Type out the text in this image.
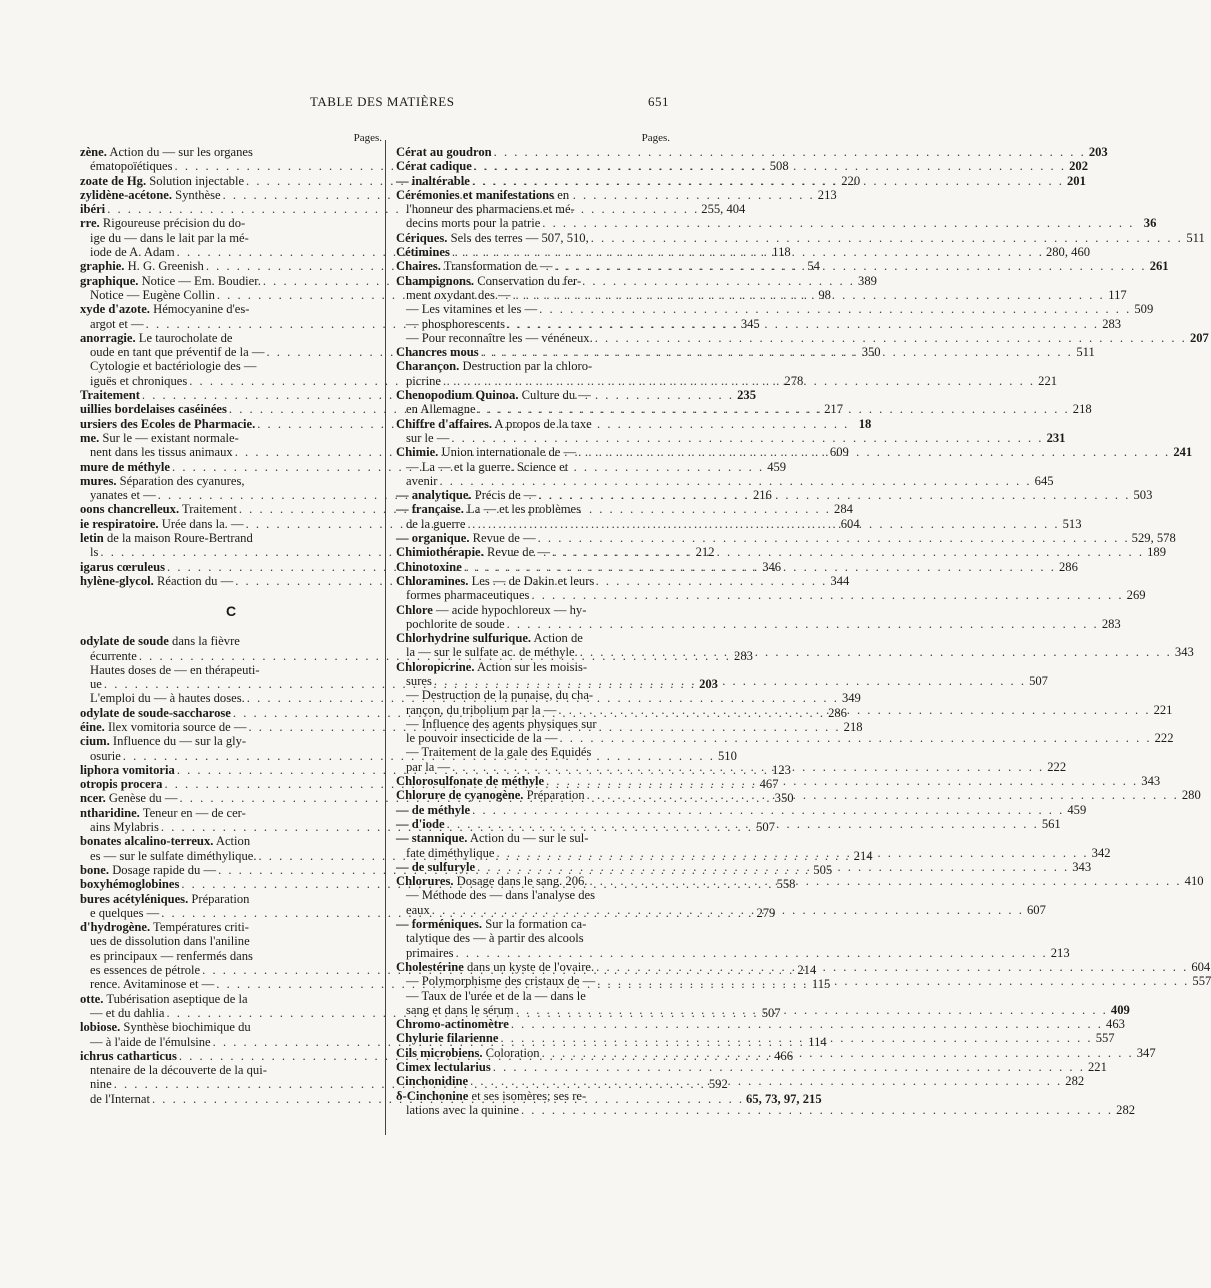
TABLE DES MATIÈRES	651
Pages.
zène. Action du — sur les organes
ématopoïétiques . . .	508
zoate de Hg. Solution injectable . . .	220
zylidène-acétone. Synthèse . . .	213
ibéri . . .	255, 404
rre. Rigoureuse précision du do-
ige du — dans le lait par la mé-
iode de A. Adam . . .	118
graphie. H. G. Greenish . . .	54
graphique. Notice — Em. Boudier. . . .	389
Notice — Eugène Collin . . .	98
xyde d'azote. Hémocyanine d'es-
argot et — . . .	345
anorragie. Le taurocholate de
oude en tant que préventif de la — . . .	350
Cytologie et bactériologie des —
iguës et chroniques . . .	278
Traitement . . .	235
uillies bordelaises caséinées . . .	217
ursiers des Ecoles de Pharmacie. . . .	18
me. Sur le — existant normale-
nent dans les tissus animaux . . .	609
mure de méthyle . . .	459
mures. Séparation des cyanures,
yanates et — . . .	216
oons chancrelleux. Traitement . . .	284
ie respiratoire. Urée dans la. — . . .	604
letin de la maison Roure-Bertrand
ls . . .	212
igarus cœruleus . . .	346
hylène-glycol. Réaction du — . . .	344
C
odylate de soude dans la fièvre
écurrente . . .	283
Hautes doses de — en thérapeuti-
ue . . .	203
L'emploi du — à hautes doses. . . .	349
odylate de soude-saccharose . . .	286
éine. Ilex vomitoria source de — . . .	218
cium. Influence du — sur la gly-
osurie . . .	510
liphora vomitoria . . .	123
otropis procera . . .	467
ncer. Genèse du — . . .	350
ntharidine. Teneur en — de cer-
ains Mylabris . . .	507
bonates alcalino-terreux. Action
es — sur le sulfate diméthylique. . . .	214
bone. Dosage rapide du — . . .	505
boxyhémoglobines . . .	558
bures acétyléniques. Préparation
e quelques — . . .	279
d'hydrogène. Températures criti-
ues de dissolution dans l'aniline
es principaux — renfermés dans
es essences de pétrole . . .	214
rence. Avitaminose et — . . .	115
otte. Tubérisation aseptique de la
— et du dahlia . . .	507
lobiose. Synthèse biochimique du
— à l'aide de l'émulsine . . .	114
ichrus catharticus . . .	466
ntenaire de la découverte de la qui-
nine . . .	592
de l'Internat . . .	65, 73, 97, 215
Pages.
Cérat au goudron . . .	203
Cérat cadique . . .	202
— inaltérable . . .	201
Cérémonies et manifestations en
l'honneur des pharmaciens et mé-
decins morts pour la patrie . . .	36
Cériques. Sels des terres — 507, 510, . . .	511
Cétimines . . .	280, 460
Chaires. Transformation de — . . .	261
Champignons. Conservation du fer-
ment oxydant des — . . .	117
— Les vitamines et les — . . .	509
— phosphorescents . . .	283
— Pour reconnaître les — vénéneux. . . .	207
Chancres mous . . .	511
Charançon. Destruction par la chloro-
picrine . . .	221
Chenopodium Quinoa. Culture du —
en Allemagne . . .	218
Chiffre d'affaires. A propos de la taxe
sur le — . . .	231
Chimie. Union internationale de — . . .	241
— La — et la guerre. Science et
avenir . . .	645
— analytique. Précis de — . . .	503
— française. La — et les problèmes
de la guerre . . .	513
— organique. Revue de — . . .	529, 578
Chimiothérapie. Revue de — . . .	189
Chinotoxine . . .	286
Chloramines. Les — de Dakin et leurs
formes pharmaceutiques . . .	269
Chlore — acide hypochloreux — hy-
pochlorite de soude . . .	283
Chlorhydrine sulfurique. Action de
la — sur le sulfate ac. de méthyle. . . .	343
Chloropicrine. Action sur les moisis-
sures . . .	507
— Destruction de la punaise, du cha-
rançon, du tribolium par la — . . .	221
— Influence des agents physiques sur
le pouvoir insecticide de la — . . .	222
— Traitement de la gale des Equidés
par la — . . .	222
Chlorosulfonate de méthyle . . .	343
Chlorure de cyanogène. Préparation . . .	280
— de méthyle . . .	459
— d'iode . . .	561
— stannique. Action du — sur le sul-
fate diméthylique . . .	342
— de sulfuryle . . .	343
Chlorures. Dosage dans le sang. 206. . . .	410
— Méthode des — dans l'analyse des
eaux . . .	607
— forméniques. Sur la formation ca-
talytique des — à partir des alcools
primaires . . .	213
Cholestérine dans un kyste de l'ovaire. . . .	604
— Polymorphisme des cristaux de — . . .	557
— Taux de l'urée et de la — dans le
sang et dans le sérum . . .	409
Chromo-actinomètre . . .	463
Chylurie filarienne . . .	557
Cils microbiens. Coloration . . .	347
Cimex lectularius . . .	221
Cinchonidine . . .	282
δ-Cinchonine et ses isomères; ses re-
lations avec la quinine . . .	282
